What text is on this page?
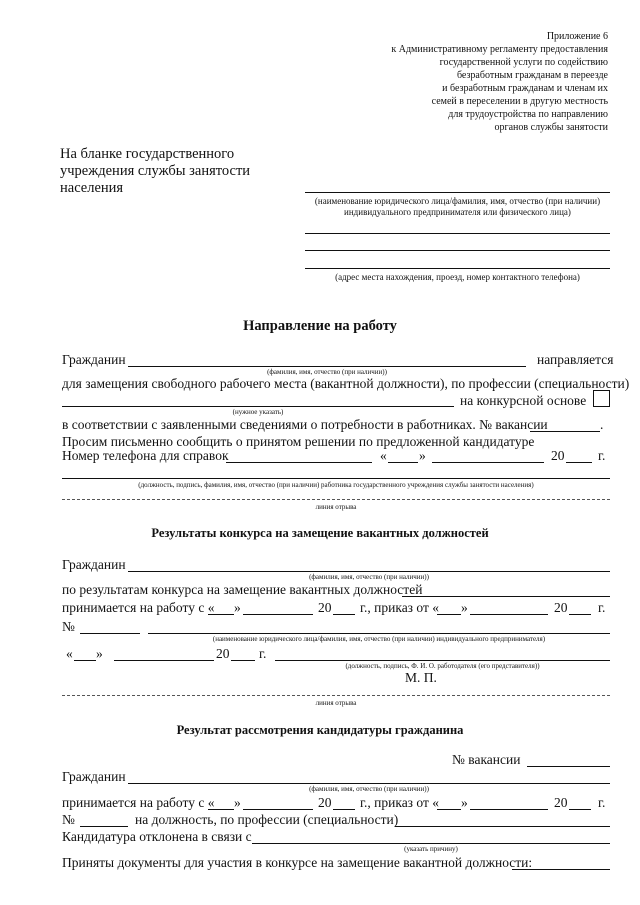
Приложение 6
к Административному регламенту предоставления
государственной услуги по содействию
безработным гражданам в переезде
и безработным гражданам и членам их
семей в переселении в другую местность
для трудоустройства по направлению
органов службы занятости
На бланке государственного
учреждения службы занятости
населения
(наименование юридического лица/фамилия, имя, отчество (при наличии)
индивидуального предпринимателя или физического лица)
(адрес места нахождения, проезд, номер контактного телефона)
Направление на работу
Гражданин	направляется
(фамилия, имя, отчество (при наличии))
для замещения свободного рабочего места (вакантной должности), по профессии (специальности)
на конкурсной основе
(нужное указать)
в соответствии с заявленными сведениями о потребности в работниках. № вакансии	.
Просим письменно сообщить о принятом решении по предложенной кандидатуре
Номер телефона для справок	« »	20 г.
(должность, подпись, фамилия, имя, отчество (при наличии) работника государственного учреждения службы занятости населения)
линия отрыва
Результаты конкурса на замещение вакантных должностей
Гражданин
(фамилия, имя, отчество (при наличии))
по результатам конкурса на замещение вакантных должностей
принимается на работу с « »	20 г., приказ от « »	20 г.
№
(наименование юридического лица/фамилия, имя, отчество (при наличии) индивидуального предпринимателя)
« »	20 г.
(должность, подпись, Ф. И. О. работодателя (его представителя))
М. П.
линия отрыва
Результат рассмотрения кандидатуры гражданина
№ вакансии
Гражданин
(фамилия, имя, отчество (при наличии))
принимается на работу с « »	20 г., приказ от « »	20 г.
№	на должность, по профессии (специальности)
Кандидатура отклонена в связи с
(указать причину)
Приняты документы для участия в конкурсе на замещение вакантной должности:
